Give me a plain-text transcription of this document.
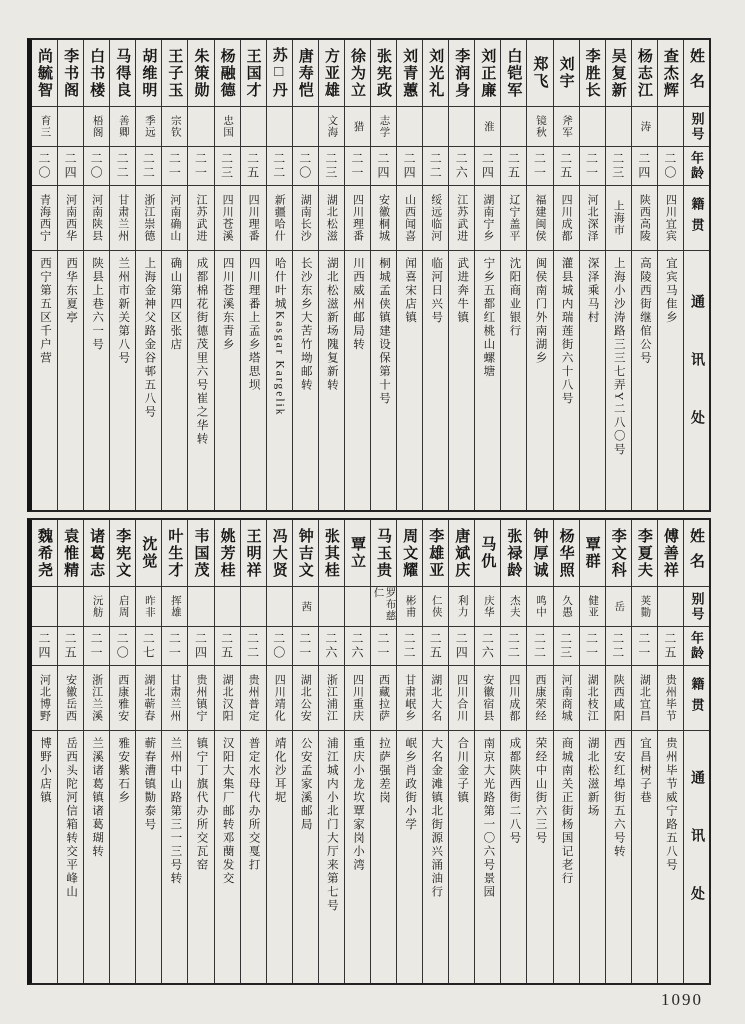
姓名
别号
年龄
籍贯
通讯处
查杰辉
二〇
四川宜宾
宜宾马隹乡
杨志江
涛
二四
陕西高陵
高陵西街继倌公号
吴复新
二三
上海市
上海小沙涛路三三七弄Y二八〇号
李胜长
二一
河北深泽
深泽乘马村
刘宇
斧军
二五
四川成都
灌县城内瑞莲街六十八号
郑飞
镜秋
二一
福建闽侯
闽侯南门外南湖乡
白铠军
二五
辽宁盖平
沈阳商业银行
刘正廉
淮
二四
湖南宁乡
宁乡五都红桃山螺塘
李润身
二六
江苏武进
武进奔牛镇
刘光礼
二二
绥远临河
临河日兴号
刘青蕙
二四
山西闻喜
闻喜宋店镇
张宪政
志学
二四
安徽桐城
桐城孟侠镇建设保第十号
徐为立
猎
二一
四川理番
川西威州邮局转
方亚雄
文海
二三
湖北松滋
湖北松滋新场隗复新转
唐寿恺
二〇
湖南长沙
长沙东乡大苦竹坳邮转
苏□丹
二二
新疆哈什
哈什叶城Kasgar Kargelik
王国才
二五
四川理番
四川理番上孟乡塔思坝
杨融德
忠国
二三
四川苍溪
四川苍溪东青乡
朱策勋
二一
江苏武进
成都棉花街德茂里六号崔之华转
王子玉
宗钦
二一
河南确山
确山第四区张店
胡维明
季远
二二
浙江崇德
上海金神父路金谷邨五八号
马得良
善卿
二二
甘肃兰州
兰州市新关第八号
白书楼
梧阁
二〇
河南陕县
陕县上巷六一号
李书阁
二四
河南西华
西华东夏亭
尚毓智
育三
二〇
青海西宁
西宁第五区千户营
姓名
别号
年龄
籍贯
通讯处
傅善祥
二五
贵州毕节
贵州毕节威宁路五八号
李夏夫
荚勚
二一
湖北宜昌
宜昌树子巷
李文科
岳
二二
陕西咸阳
西安红埠街五六号转
覃群
健亚
二一
湖北枝江
湖北松滋新场
杨华照
久愚
二三
河南商城
商城南关正街杨国记老行
钟厚诚
鸣中
二二
西康荣经
荣经中山街六三号
张禄龄
杰夫
二二
四川成都
成都陕西街二八号
马仇
庆华
二六
安徽宿县
南京大光路第一〇六号景园
唐斌庆
利力
二四
四川合川
合川金子镇
李雄亚
仁侠
二五
湖北大名
大名金滩镇北街源兴涌油行
周文耀
彬甫
二二
甘肃岷乡
岷乡肖政街小学
马玉贵
罗布慈仁
二一
西藏拉萨
拉萨强差岗
覃立
二六
四川重庆
重庆小龙坎覃家岗小湾
张其桂
二六
浙江浦江
浦江城内小北门大厅来第七号
钟吉文
茜
二一
湖北公安
公安孟家溪邮局
冯大贤
二〇
四川靖化
靖化沙耳坭
王明祥
二二
贵州普定
普定水母代办所交戛打
姚芳桂
二五
湖北汉阳
汉阳大集厂邮转邓蔅发交
韦国茂
二四
贵州镇宁
镇宁丁旗代办所交瓦窑
叶生才
挥雄
二一
甘肃兰州
兰州中山路第三一三号转
沈觉
昨非
二七
湖北蕲春
蕲春漕镇勚泰号
李宪文
启周
二〇
西康雅安
雅安紫石乡
诸葛志
沅舫
二一
浙江兰溪
兰溪诸葛镇诸葛瑚转
袁惟精
二五
安徽岳西
岳西头陀河信箱转交平峰山
魏希尧
二四
河北博野
博野小店镇
1090
